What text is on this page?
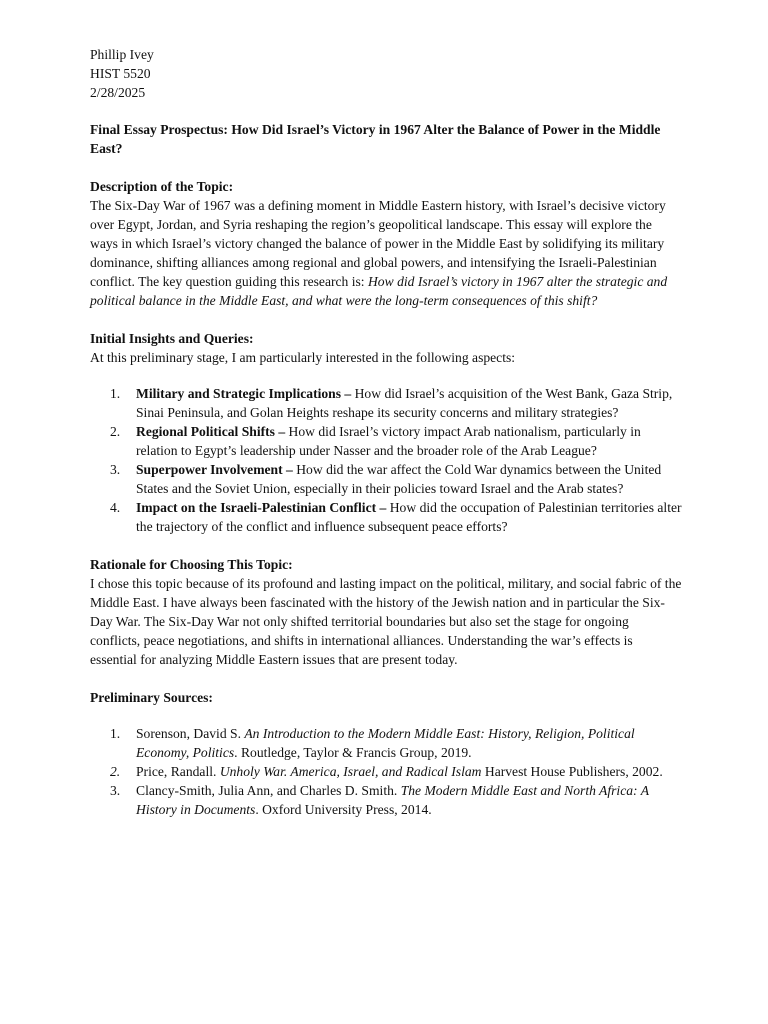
Phillip Ivey

HIST 5520

2/28/2025

Final Essay Prospectus: How Did Israel’s Victory in 1967 Alter the Balance of Power in the Middle East?

Description of the Topic:

The Six-Day War of 1967 was a defining moment in Middle Eastern history, with Israel’s decisive victory over Egypt, Jordan, and Syria reshaping the region’s geopolitical landscape. This essay will explore the ways in which Israel’s victory changed the balance of power in the Middle East by solidifying its military dominance, shifting alliances among regional and global powers, and intensifying the Israeli-Palestinian conflict. The key question guiding this research is: How did Israel’s victory in 1967 alter the strategic and political balance in the Middle East, and what were the long-term consequences of this shift?

Initial Insights and Queries:

At this preliminary stage, I am particularly interested in the following aspects:

1. Military and Strategic Implications – How did Israel’s acquisition of the West Bank, Gaza Strip, Sinai Peninsula, and Golan Heights reshape its security concerns and military strategies?
2. Regional Political Shifts – How did Israel’s victory impact Arab nationalism, particularly in relation to Egypt’s leadership under Nasser and the broader role of the Arab League?
3. Superpower Involvement – How did the war affect the Cold War dynamics between the United States and the Soviet Union, especially in their policies toward Israel and the Arab states?
4. Impact on the Israeli-Palestinian Conflict – How did the occupation of Palestinian territories alter the trajectory of the conflict and influence subsequent peace efforts?
Rationale for Choosing This Topic:

I chose this topic because of its profound and lasting impact on the political, military, and social fabric of the Middle East. I have always been fascinated with the history of the Jewish nation and in particular the Six-Day War. The Six-Day War not only shifted territorial boundaries but also set the stage for ongoing conflicts, peace negotiations, and shifts in international alliances. Understanding the war’s effects is essential for analyzing Middle Eastern issues that are present today.

Preliminary Sources:
1. Sorenson, David S. An Introduction to the Modern Middle East: History, Religion, Political Economy, Politics. Routledge, Taylor & Francis Group, 2019.
2. Price, Randall. Unholy War. America, Israel, and Radical Islam Harvest House Publishers, 2002.
3. Clancy-Smith, Julia Ann, and Charles D. Smith. The Modern Middle East and North Africa: A History in Documents. Oxford University Press, 2014.
